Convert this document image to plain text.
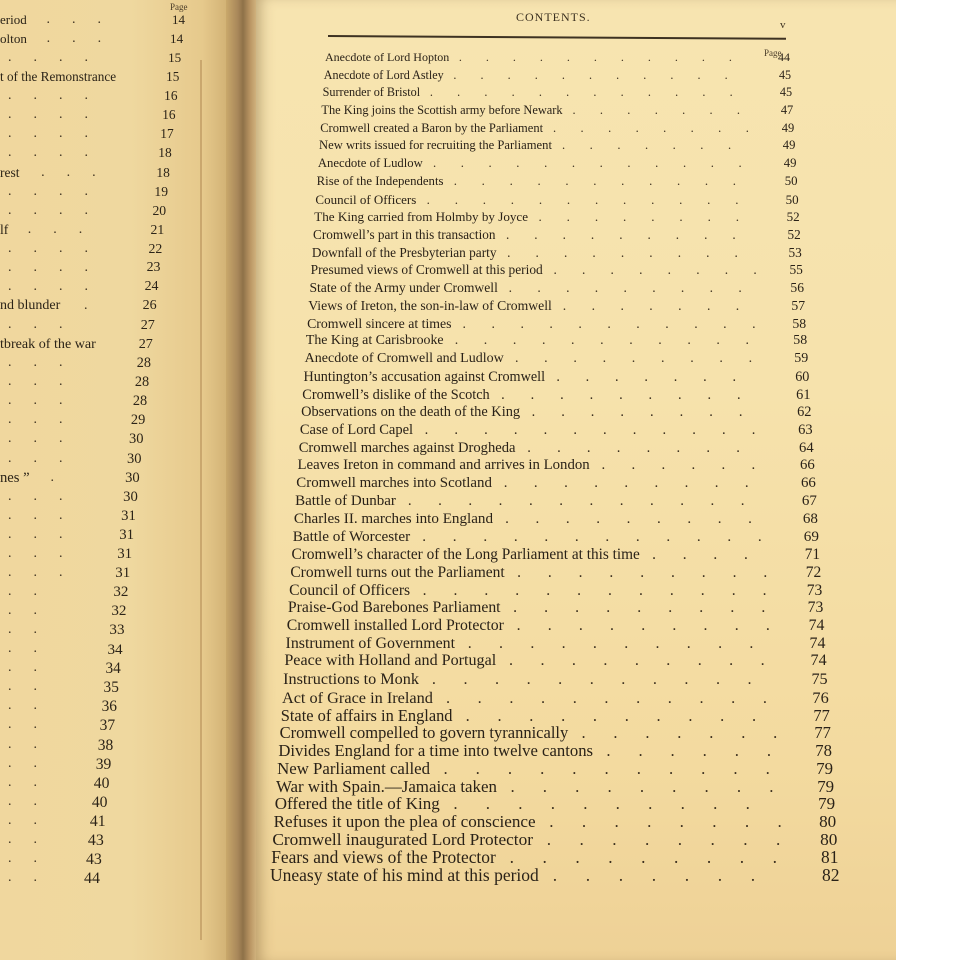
Page
eriod ...	14
olton ...	14
....	15
t of the Remonstrance	15
....	16
....	16
....	17
....	18
rest ...	18
....	19
....	20
lf ...	21
....	22
....	23
.... 24
nd blunder . 26
...	27
tbreak of the war	27
...	28
...	28
...	28
...	29
...	30
...	30
nes ” .	30
...	30
... 31
... 31
... 31
... 31
..	32
..	32
..	33
..	34
..	34
..	35
..	36
..	37
.. 38
.. 39
.. 40
.. 40
.. 41
.. 43
.. 43
.. 44
CONTENTS.
v
Page
Anecdote of Lord Hopton	44
...........
Anecdote of Lord Astley	45
...........
Surrender of Bristol	45
............
The King joins the Scottish army before Newark	47
.......
Cromwell created a Baron by the Parliament	49
........
New writs issued for recruiting the Parliament	49
.......
Anecdote of Ludlow	49
............
Rise of the Independents	50
...........
Council of Officers	50
............
The King carried from Holmby by Joyce	52
........
Cromwell’s part in this transaction	52
.........
Downfall of the Presbyterian party	53
.........
Presumed views of Cromwell at this period	55
........
State of the Army under Cromwell	56
.........
Views of Ireton, the son-in-law of Cromwell	57
.......
Cromwell sincere at times	58
...........
The King at Carisbrooke	58
...........
Anecdote of Cromwell and Ludlow	59
.........
Huntington’s accusation against Cromwell	60
.......
Cromwell’s dislike of the Scotch	61
.........
Observations on the death of the King	62
........
Case of Lord Capel	63
............
Cromwell marches against Drogheda	64
........
Leaves Ireton in command and arrives in London	66
......
Cromwell marches into Scotland	66
.........
Battle of Dunbar	67
............
Charles II. marches into England	68
.........
Battle of Worcester	69
............
Cromwell’s character of the Long Parliament at this time	71
....
Cromwell turns out the Parliament	72
.........
Council of Officers	73
............
Praise-God Barebones Parliament	73
.........
Cromwell installed Lord Protector	74
.........
Instrument of Government	74
..........
Peace with Holland and Portugal	74
.........
Instructions to Monk	75
...........
Act of Grace in Ireland	76
...........
State of affairs in England	77
..........
Cromwell compelled to govern tyrannically	77
.......
Divides England for a time into twelve cantons	78
......
New Parliament called	79
...........
War with Spain.—Jamaica taken	79
.........
Offered the title of King	79
..........
Refuses it upon the plea of conscience	80
........
Cromwell inaugurated Lord Protector	80
........
Fears and views of the Protector	81
.........
Uneasy state of his mind at this period	82
.......
